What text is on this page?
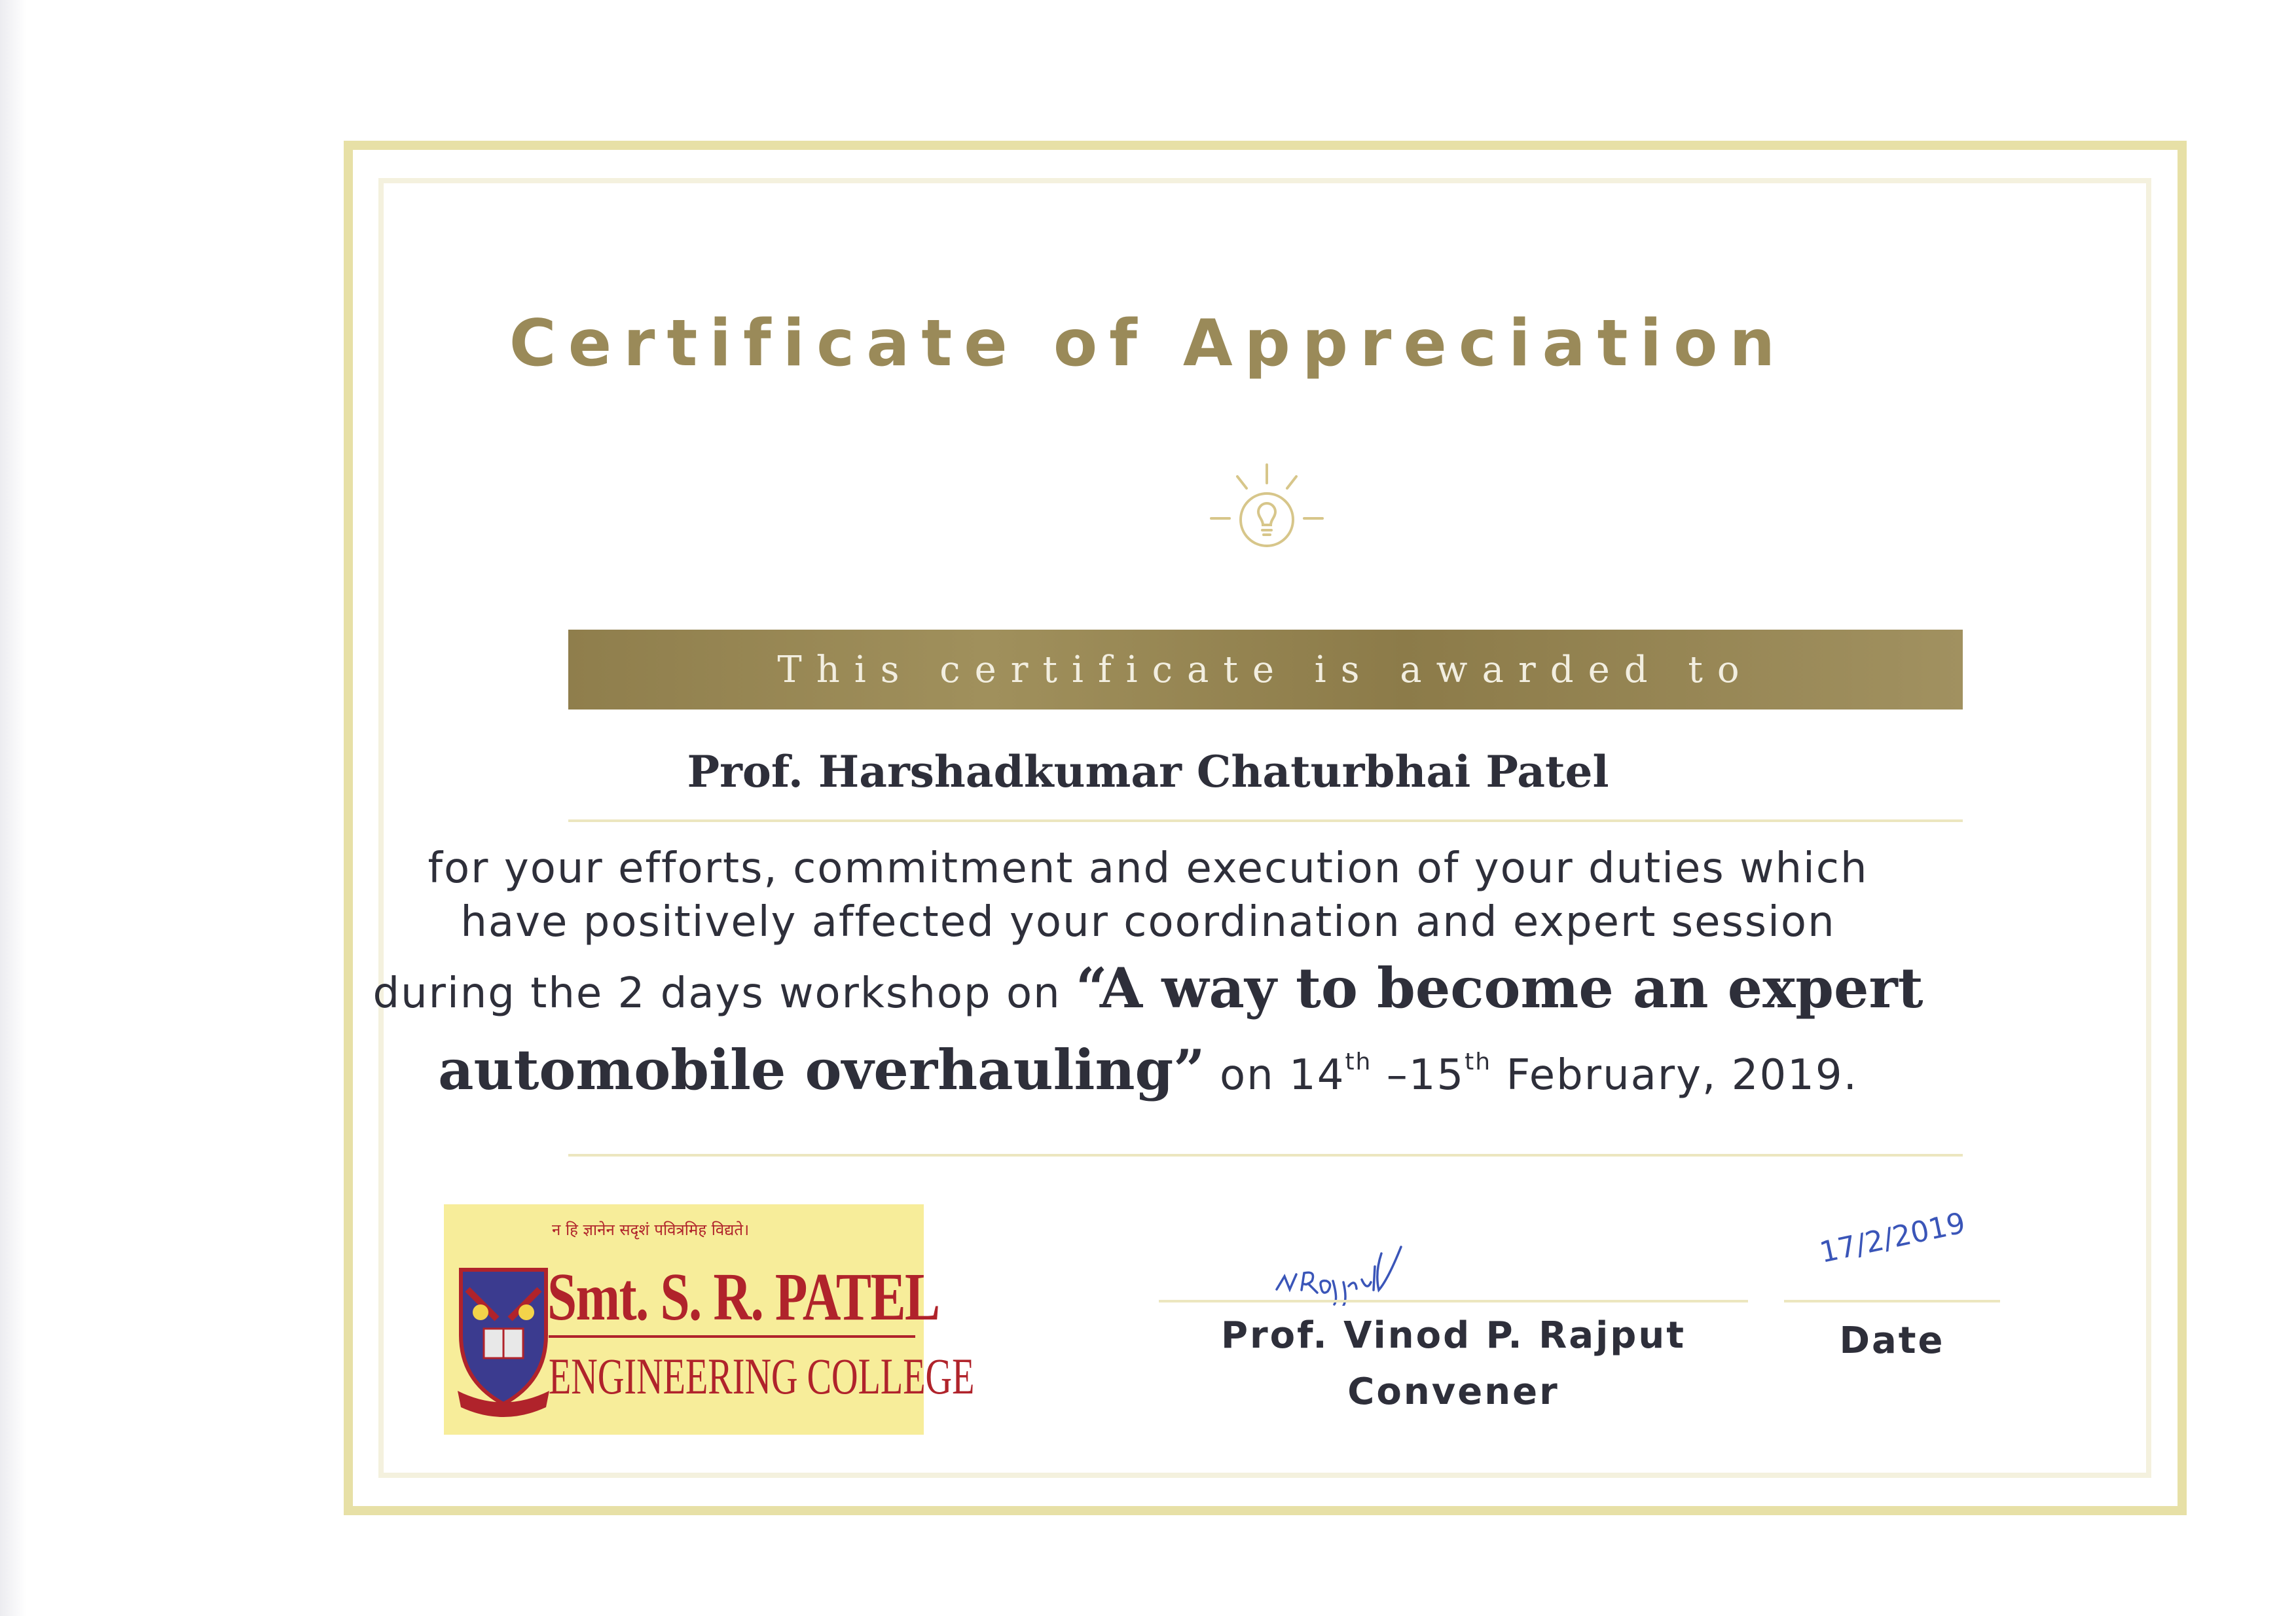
Certificate of Appreciation
This certificate is awarded to
Prof. Harshadkumar Chaturbhai Patel
for your efforts, commitment and execution of your duties which
have positively affected your coordination and expert session
during the 2 days workshop on “A way to become an expert
automobile overhauling” on 14th –15th February, 2019.
न हि ज्ञानेन सदृशं पवित्रमिह विद्यते।
Smt. S. R. PATEL
ENGINEERING COLLEGE
VPRajput	17/2/2019
Prof. Vinod P. Rajput
Convener
Date
